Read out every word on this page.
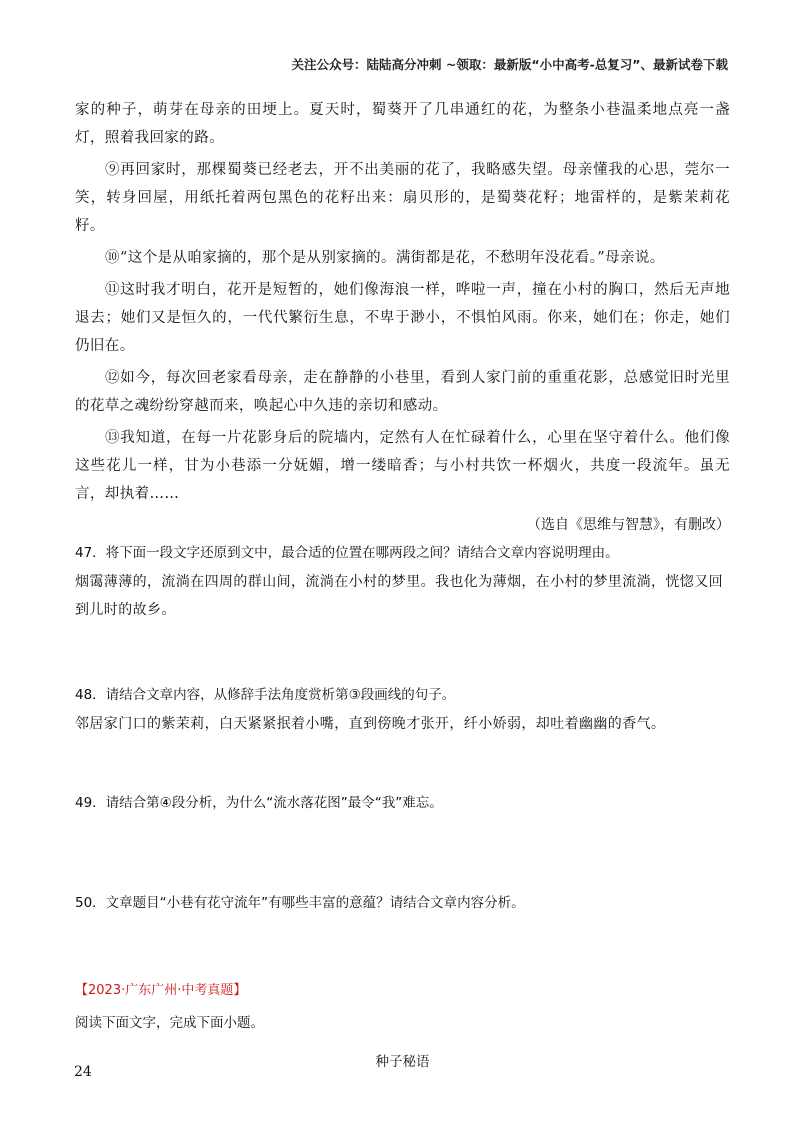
关注公众号：陆陆高分冲刺 ~领取：最新版“小中高考-总复习”、最新试卷下载

家的种子，萌芽在母亲的田埂上。夏天时，蜀葵开了几串通红的花，为整条小巷温柔地点亮一盏灯，照着我回家的路。

⑨再回家时，那棵蜀葵已经老去，开不出美丽的花了，我略感失望。母亲懂我的心思，莞尔一笑，转身回屋，用纸托着两包黑色的花籽出来：扇贝形的，是蜀葵花籽；地雷样的，是紫茉莉花籽。

⑩“这个是从咱家摘的，那个是从别家摘的。满街都是花，不愁明年没花看。”母亲说。

⑪这时我才明白，花开是短暂的，她们像海浪一样，哗啦一声，撞在小村的胸口，然后无声地退去；她们又是恒久的，一代代繁衍生息，不卑于渺小，不惧怕风雨。你来，她们在；你走，她们仍旧在。

⑫如今，每次回老家看母亲，走在静静的小巷里，看到人家门前的重重花影，总感觉旧时光里的花草之魂纷纷穿越而来，唤起心中久违的亲切和感动。

⑬我知道，在每一片花影身后的院墙内，定然有人在忙碌着什么，心里在坚守着什么。他们像这些花儿一样，甘为小巷添一分妩媚，增一缕暗香；与小村共饮一杯烟火，共度一段流年。虽无言，却执着……

（选自《思维与智慧》，有删改）

47．将下面一段文字还原到文中，最合适的位置在哪两段之间？请结合文章内容说明理由。

烟霭薄薄的，流淌在四周的群山间，流淌在小村的梦里。我也化为薄烟，在小村的梦里流淌，恍惚又回到儿时的故乡。

48．请结合文章内容，从修辞手法角度赏析第③段画线的句子。

邻居家门口的紫茉莉，白天紧紧抿着小嘴，直到傍晚才张开，纤小娇弱，却吐着幽幽的香气。

49．请结合第④段分析，为什么“流水落花图”最令“我”难忘。

50．文章题目“小巷有花守流年”有哪些丰富的意蕴？请结合文章内容分析。

【2023·广东广州·中考真题】

阅读下面文字，完成下面小题。

种子秘语
24
